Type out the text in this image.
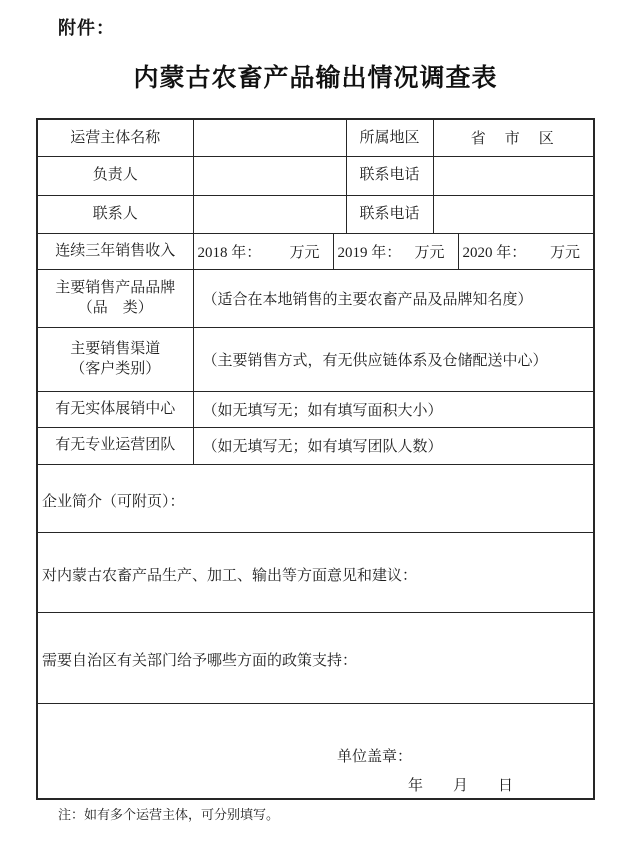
附件：
内蒙古农畜产品输出情况调查表
运营主体名称			所属地区	省　市　区	
负责人			联系电话		
联系人			联系电话		
连续三年销售收入	2018 年： 万元	2019 年： 万元			2020 年： 万元

主要销售产品品牌
（品　类）	（适合在本地销售的主要农畜产品及品牌知名度）				

主要销售渠道
（客户类别）	（主要销售方式，有无供应链体系及仓储配送中心）				
有无实体展销中心	（如无填写无；如有填写面积大小）				
有无专业运营团队	（如无填写无；如有填写团队人数）				
企业简介（可附页）：					
对内蒙古农畜产品生产、加工、输出等方面意见和建议：					
需要自治区有关部门给予哪些方面的政策支持：					

单位盖章：
年　　月　　日					
注：如有多个运营主体，可分别填写。
